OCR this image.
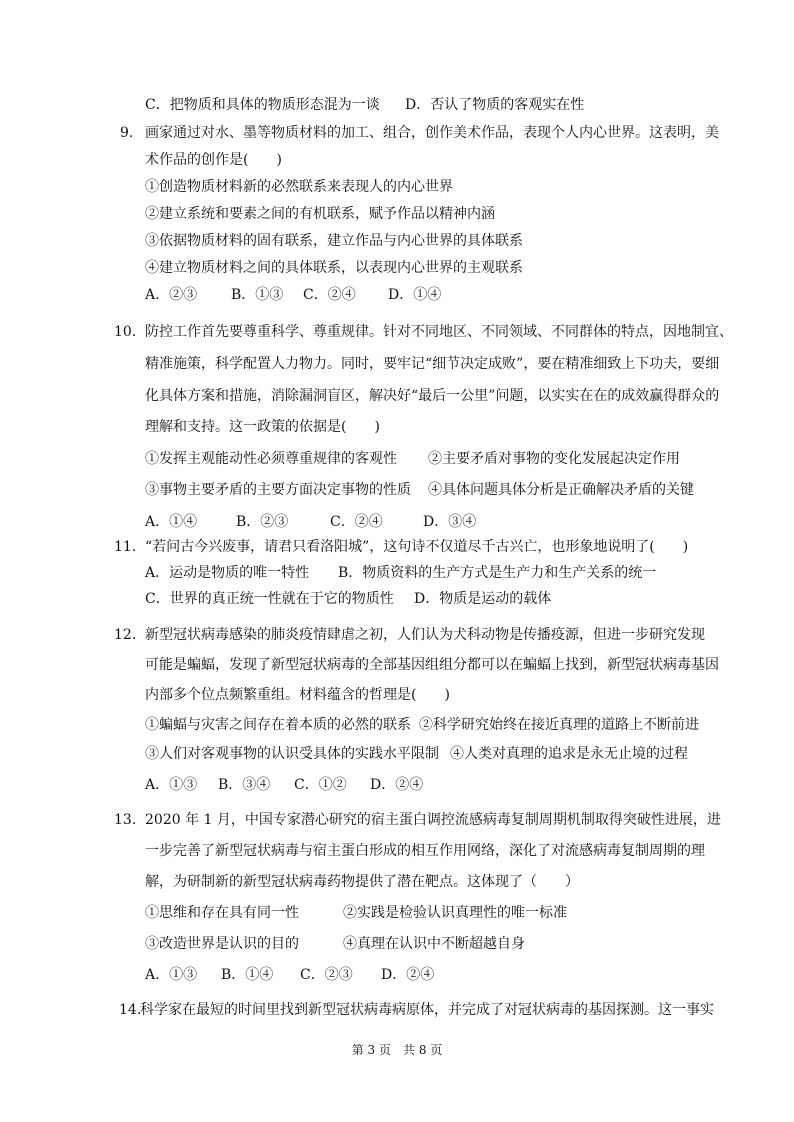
C．把物质和具体的物质形态混为一谈 D．否认了物质的客观实在性
9. 画家通过对水、墨等物质材料的加工、组合，创作美术作品，表现个人内心世界。这表明，美
术作品的创作是(　　)
①创造物质材料新的必然联系来表现人的内心世界
②建立系统和要素之间的有机联系，赋予作品以精神内涵
③依据物质材料的固有联系，建立作品与内心世界的具体联系
④建立物质材料之间的具体联系，以表现内心世界的主观联系
A．②③ B．①③ C．②④ D．①④
10. 防控工作首先要尊重科学、尊重规律。针对不同地区、不同领域、不同群体的特点，因地制宜、
精准施策，科学配置人力物力。同时，要牢记“细节决定成败”，要在精准细致上下功夫，要细
化具体方案和措施，消除漏洞盲区，解决好“最后一公里”问题，以实实在在的成效赢得群众的
理解和支持。这一政策的依据是(　　)
①发挥主观能动性必须尊重规律的客观性 ②主要矛盾对事物的变化发展起决定作用
③事物主要矛盾的主要方面决定事物的性质 ④具体问题具体分析是正确解决矛盾的关键
A．①④	B．②③	C．②④	D．③④
11. “若问古今兴废事，请君只看洛阳城”，这句诗不仅道尽千古兴亡，也形象地说明了(　　)
A．运动是物质的唯一特性 B．物质资料的生产方式是生产力和生产关系的统一
C．世界的真正统一性就在于它的物质性 D．物质是运动的载体
12. 新型冠状病毒感染的肺炎疫情肆虐之初，人们认为犬科动物是传播疫源，但进一步研究发现
可能是蝙蝠，发现了新型冠状病毒的全部基因组组分都可以在蝙蝠上找到，新型冠状病毒基因
内部多个位点频繁重组。材料蕴含的哲理是(　　)
①蝙蝠与灾害之间存在着本质的必然的联系 ②科学研究始终在接近真理的道路上不断前进
③人们对客观事物的认识受具体的实践水平限制 ④人类对真理的追求是永无止境的过程
A．①③ B．③④ C．①② D．②④
13. 2020 年 1 月，中国专家潜心研究的宿主蛋白调控流感病毒复制周期机制取得突破性进展，进
一步完善了新型冠状病毒与宿主蛋白形成的相互作用网络，深化了对流感病毒复制周期的理
解，为研制新的新型冠状病毒药物提供了潜在靶点。这体现了（　　）
①思维和存在具有同一性	②实践是检验认识真理性的唯一标准
③改造世界是认识的目的	④真理在认识中不断超越自身
A．①③ B．①④ C．②③ D．②④
14.
科学家在最短的时间里找到新型冠状病毒病原体，并完成了对冠状病毒的基因探测。这一事实
第 3 页　共 8 页
